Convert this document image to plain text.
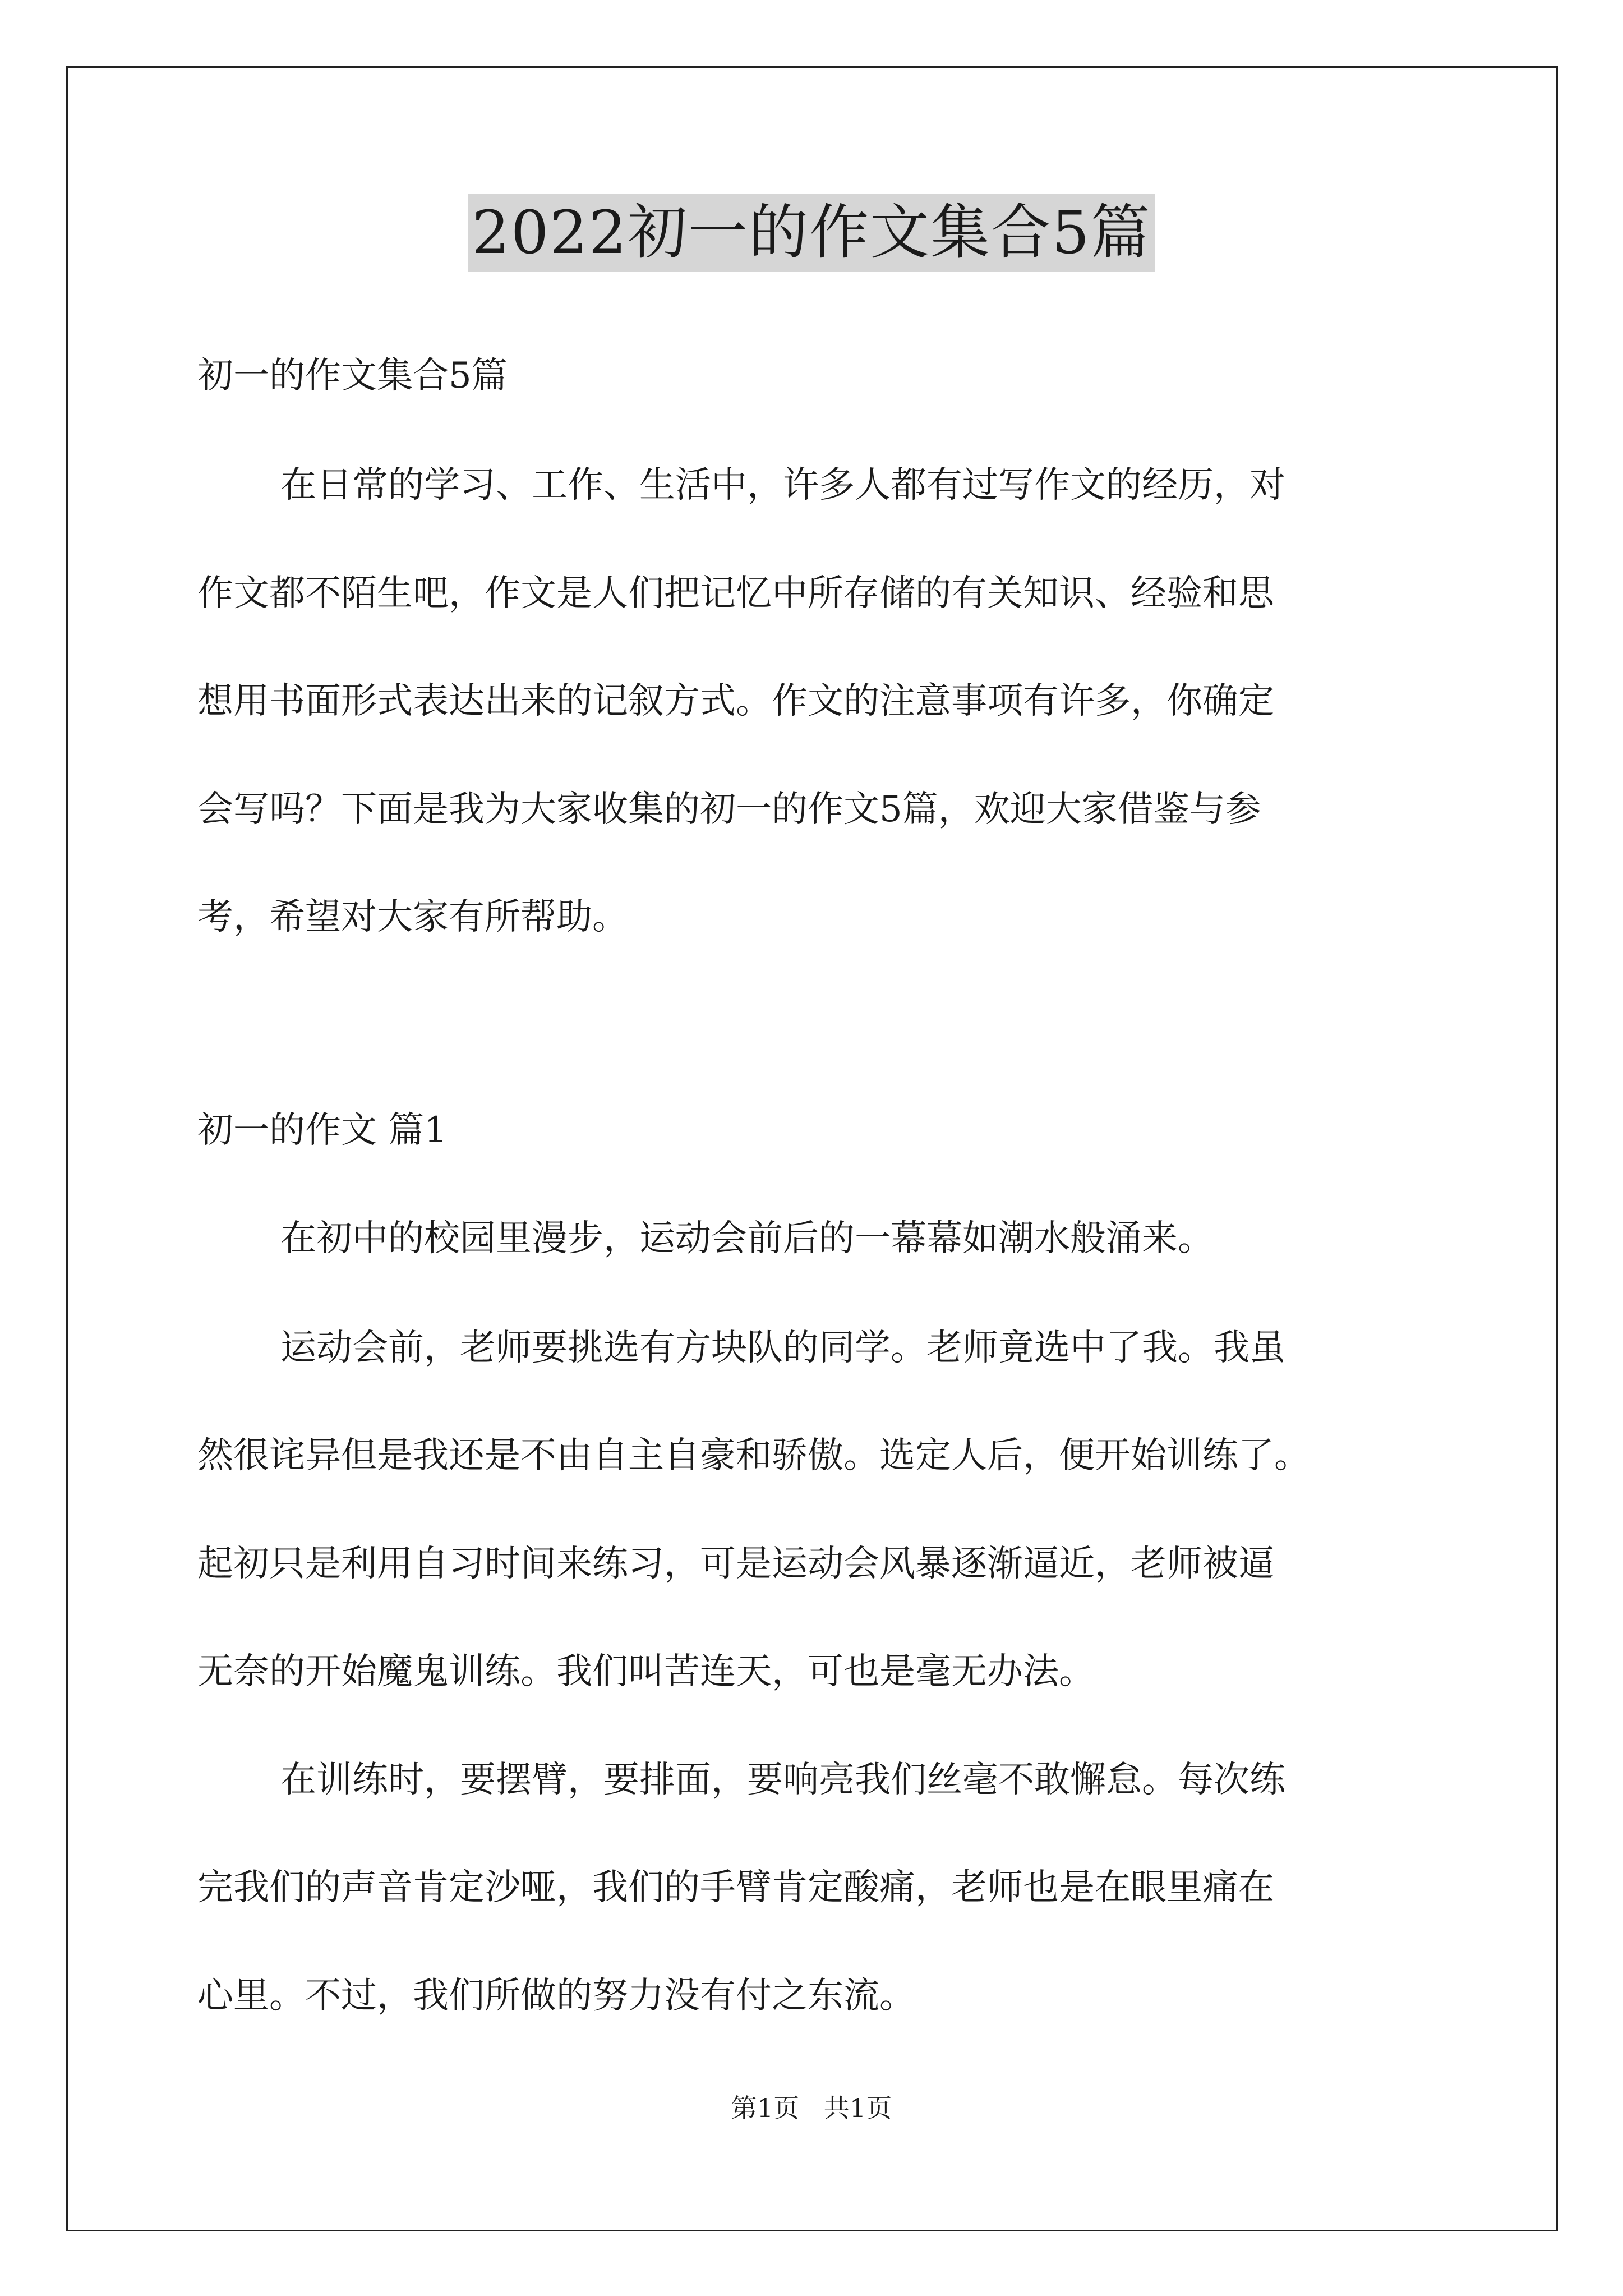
2022初一的作文集合5篇

初一的作文集合5篇

在日常的学习、工作、生活中，许多人都有过写作文的经历，对

作文都不陌生吧，作文是人们把记忆中所存储的有关知识、经验和思

想用书面形式表达出来的记叙方式。作文的注意事项有许多，你确定

会写吗？下面是我为大家收集的初一的作文5篇，欢迎大家借鉴与参

考，希望对大家有所帮助。

初一的作文 篇1

在初中的校园里漫步，运动会前后的一幕幕如潮水般涌来。

运动会前，老师要挑选有方块队的同学。老师竟选中了我。我虽

然很诧异但是我还是不由自主自豪和骄傲。选定人后，便开始训练了。

起初只是利用自习时间来练习，可是运动会风暴逐渐逼近，老师被逼

无奈的开始魔鬼训练。我们叫苦连天，可也是毫无办法。

在训练时，要摆臂，要排面，要响亮我们丝毫不敢懈怠。每次练

完我们的声音肯定沙哑，我们的手臂肯定酸痛，老师也是在眼里痛在

心里。不过，我们所做的努力没有付之东流。

第1页   共1页
